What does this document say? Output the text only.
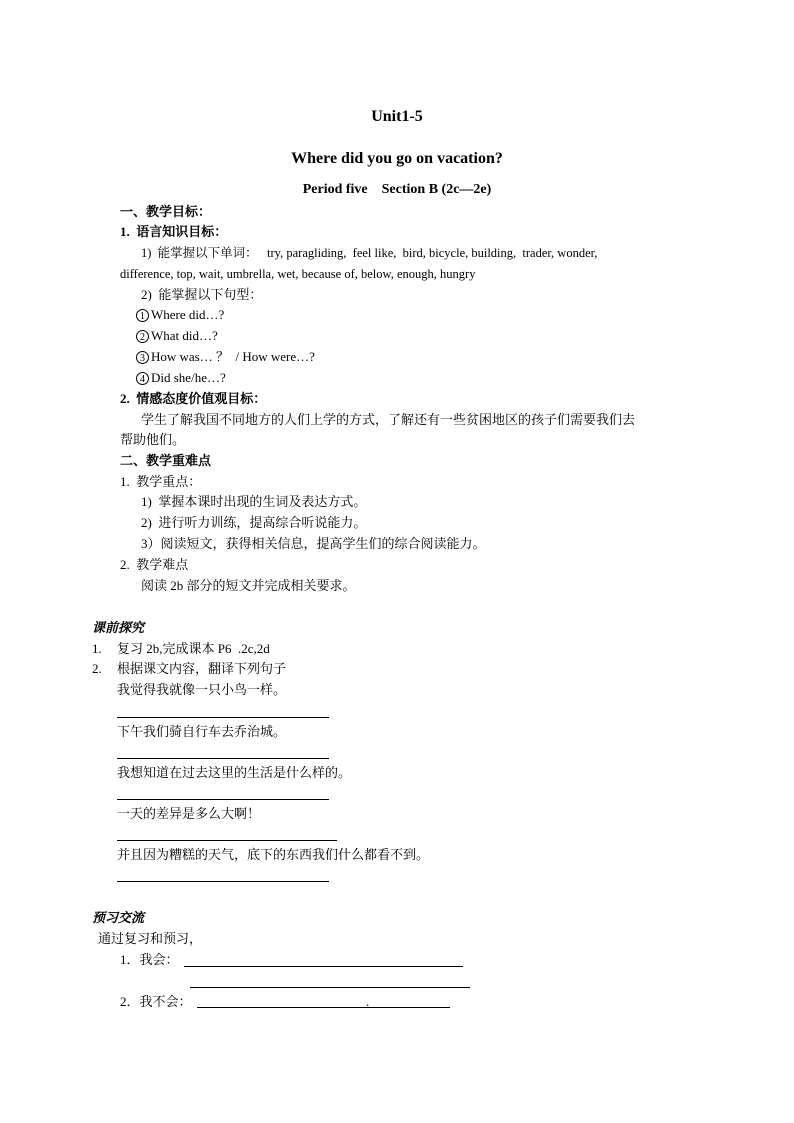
Unit1-5
Where did you go on vacation?
Period five    Section B (2c—2e)
一、教学目标：
1.  语言知识目标：
1)  能掌握以下单词：   try, paragliding,  feel like,  bird, bicycle, building,  trader, wonder,
difference, top, wait, umbrella, wet, because of, below, enough, hungry
2)  能掌握以下句型：
1 Where did…?
2 What did…?
3 How was… ？  / How were…?
4 Did she/he…?
2.  情感态度价值观目标：
学生了解我国不同地方的人们上学的方式，了解还有一些贫困地区的孩子们需要我们去
帮助他们。
二、教学重难点
1.  教学重点：
1)  掌握本课时出现的生词及表达方式。
2)  进行听力训练，提高综合听说能力。
3）阅读短文，获得相关信息，提高学生们的综合阅读能力。
2.  教学难点
阅读 2b 部分的短文并完成相关要求。
课前探究
1. 复习 2b,完成课本 P6  .2c,2d
2. 根据课文内容，翻译下列句子
我觉得我就像一只小鸟一样。
下午我们骑自行车去乔治城。
我想知道在过去这里的生活是什么样的。
一天的差异是多么大啊！
并且因为糟糕的天气，底下的东西我们什么都看不到。
预习交流
通过复习和预习，
1．我会：
2．我不会：	.
